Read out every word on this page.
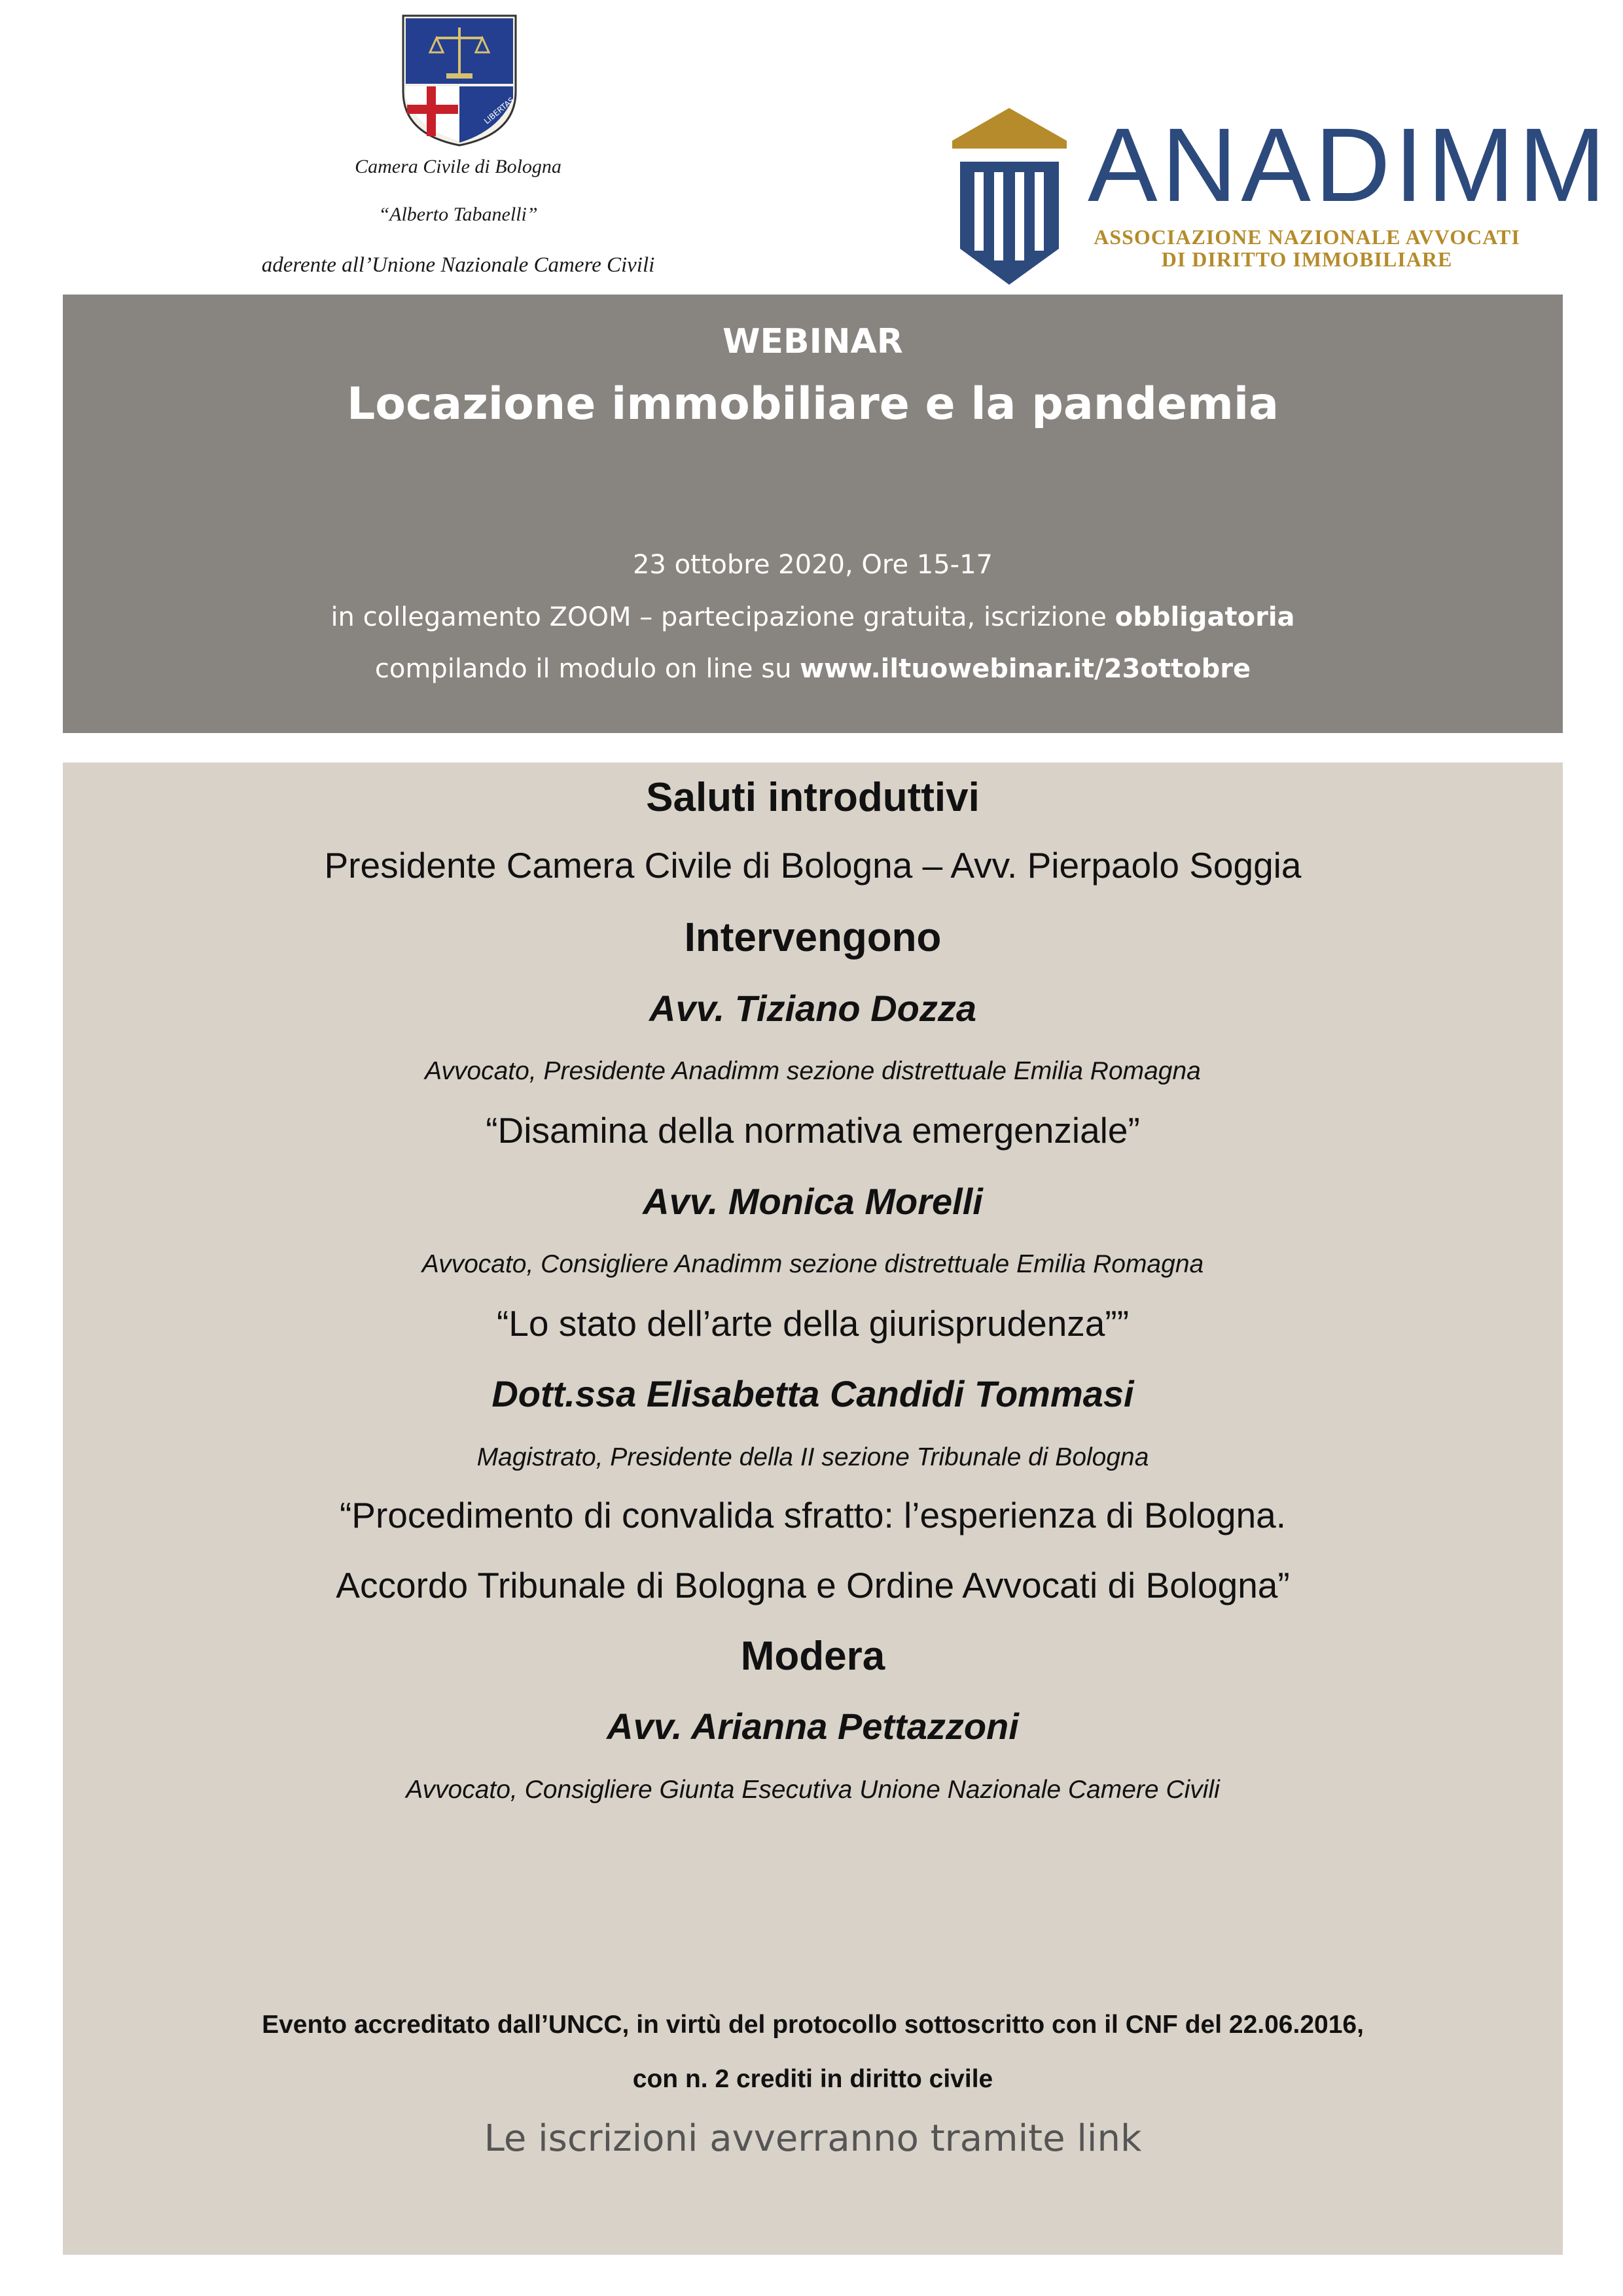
LIBERTAS
Camera Civile di Bologna
“Alberto Tabanelli”
aderente all’Unione Nazionale Camere Civili
ANADIMM
ASSOCIAZIONE NAZIONALE AVVOCATI
DI DIRITTO IMMOBILIARE
WEBINAR
Locazione immobiliare e la pandemia
23 ottobre 2020, Ore 15-17
in collegamento ZOOM – partecipazione gratuita, iscrizione obbligatoria
compilando il modulo on line su www.iltuowebinar.it/23ottobre
Saluti introduttivi
Presidente Camera Civile di Bologna – Avv. Pierpaolo Soggia
Intervengono
Avv. Tiziano Dozza
Avvocato, Presidente Anadimm sezione distrettuale Emilia Romagna
“Disamina della normativa emergenziale”
Avv. Monica Morelli
Avvocato, Consigliere Anadimm sezione distrettuale Emilia Romagna
“Lo stato dell’arte della giurisprudenza””
Dott.ssa Elisabetta Candidi Tommasi
Magistrato, Presidente della II sezione Tribunale di Bologna
“Procedimento di convalida sfratto: l’esperienza di Bologna.
Accordo Tribunale di Bologna e Ordine Avvocati di Bologna”
Modera
Avv. Arianna Pettazzoni
Avvocato, Consigliere Giunta Esecutiva Unione Nazionale Camere Civili
Evento accreditato dall’UNCC, in virtù del protocollo sottoscritto con il CNF del 22.06.2016,
con n. 2 crediti in diritto civile
Le iscrizioni avverranno tramite link
